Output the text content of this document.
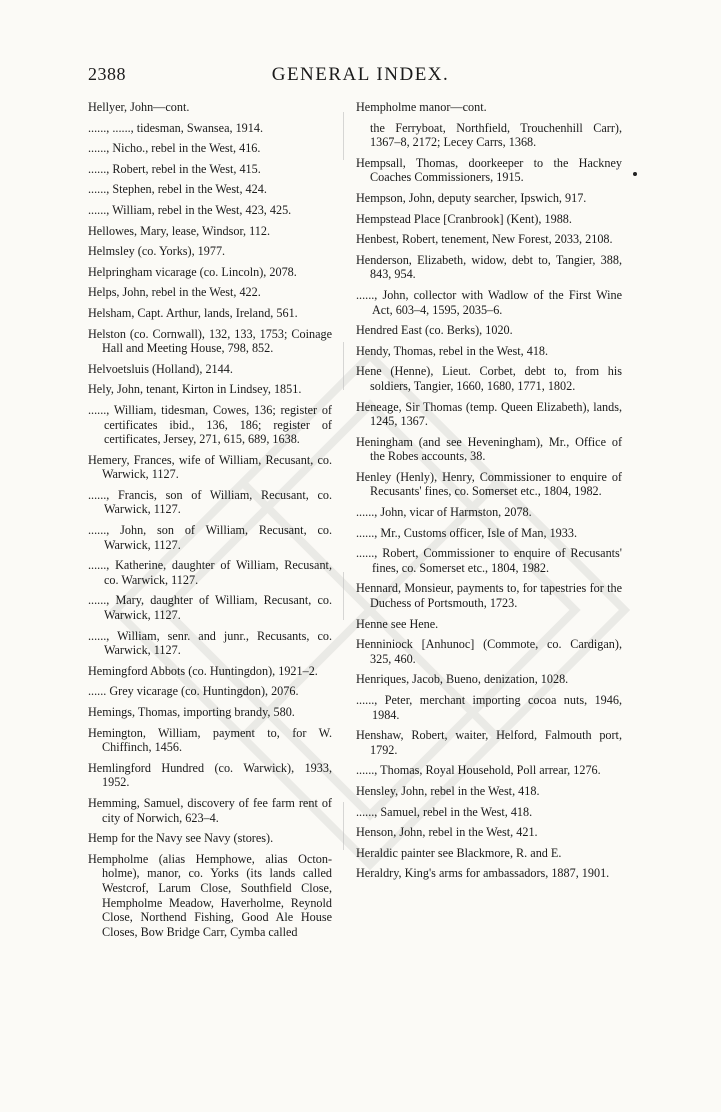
2388	GENERAL INDEX.

Hellyer, John—cont.

......, ......, tidesman, Swansea, 1914.

......, Nicho., rebel in the West, 416.

......, Robert, rebel in the West, 415.

......, Stephen, rebel in the West, 424.

......, William, rebel in the West, 423, 425.

Hellowes, Mary, lease, Windsor, 112.

Helmsley (co. Yorks), 1977.

Helpringham vicarage (co. Lincoln), 2078.

Helps, John, rebel in the West, 422.

Helsham, Capt. Arthur, lands, Ireland, 561.

Helston (co. Cornwall), 132, 133, 1753; Coinage Hall and Meeting House, 798, 852.

Helvoetsluis (Holland), 2144.

Hely, John, tenant, Kirton in Lindsey, 1851.

......, William, tidesman, Cowes, 136; register of certificates ibid., 136, 186; register of certificates, Jersey, 271, 615, 689, 1638.

Hemery, Frances, wife of William, Recusant, co. Warwick, 1127.

......, Francis, son of William, Recusant, co. Warwick, 1127.

......, John, son of William, Recusant, co. Warwick, 1127.

......, Katherine, daughter of William, Recusant, co. Warwick, 1127.

......, Mary, daughter of William, Recusant, co. Warwick, 1127.

......, William, senr. and junr., Recusants, co. Warwick, 1127.

Hemingford Abbots (co. Huntingdon), 1921–2.

...... Grey vicarage (co. Huntingdon), 2076.

Hemings, Thomas, importing brandy, 580.

Hemington, William, payment to, for W. Chiffinch, 1456.

Hemlingford Hundred (co. Warwick), 1933, 1952.

Hemming, Samuel, discovery of fee farm rent of city of Norwich, 623–4.

Hemp for the Navy see Navy (stores).

Hempholme (alias Hemphowe, alias Octon-holme), manor, co. Yorks (its lands called Westcrof, Larum Close, Southfield Close, Hempholme Meadow, Haverholme, Reynold Close, Northend Fishing, Good Ale House Closes, Bow Bridge Carr, Cymba called

Hempholme manor—cont.

the Ferryboat, Northfield, Trouchenhill Carr), 1367–8, 2172; Lecey Carrs, 1368.

Hempsall, Thomas, doorkeeper to the Hackney Coaches Commissioners, 1915.

Hempson, John, deputy searcher, Ipswich, 917.

Hempstead Place [Cranbrook] (Kent), 1988.

Henbest, Robert, tenement, New Forest, 2033, 2108.

Henderson, Elizabeth, widow, debt to, Tangier, 388, 843, 954.

......, John, collector with Wadlow of the First Wine Act, 603–4, 1595, 2035–6.

Hendred East (co. Berks), 1020.

Hendy, Thomas, rebel in the West, 418.

Hene (Henne), Lieut. Corbet, debt to, from his soldiers, Tangier, 1660, 1680, 1771, 1802.

Heneage, Sir Thomas (temp. Queen Elizabeth), lands, 1245, 1367.

Heningham (and see Heveningham), Mr., Office of the Robes accounts, 38.

Henley (Henly), Henry, Commissioner to enquire of Recusants' fines, co. Somerset etc., 1804, 1982.

......, John, vicar of Harmston, 2078.

......, Mr., Customs officer, Isle of Man, 1933.

......, Robert, Commissioner to enquire of Recusants' fines, co. Somerset etc., 1804, 1982.

Hennard, Monsieur, payments to, for tapestries for the Duchess of Portsmouth, 1723.

Henne see Hene.

Henniniock [Anhunoc] (Commote, co. Cardigan), 325, 460.

Henriques, Jacob, Bueno, denization, 1028.

......, Peter, merchant importing cocoa nuts, 1946, 1984.

Henshaw, Robert, waiter, Helford, Falmouth port, 1792.

......, Thomas, Royal Household, Poll arrear, 1276.

Hensley, John, rebel in the West, 418.

......, Samuel, rebel in the West, 418.

Henson, John, rebel in the West, 421.

Heraldic painter see Blackmore, R. and E.

Heraldry, King's arms for ambassadors, 1887, 1901.
